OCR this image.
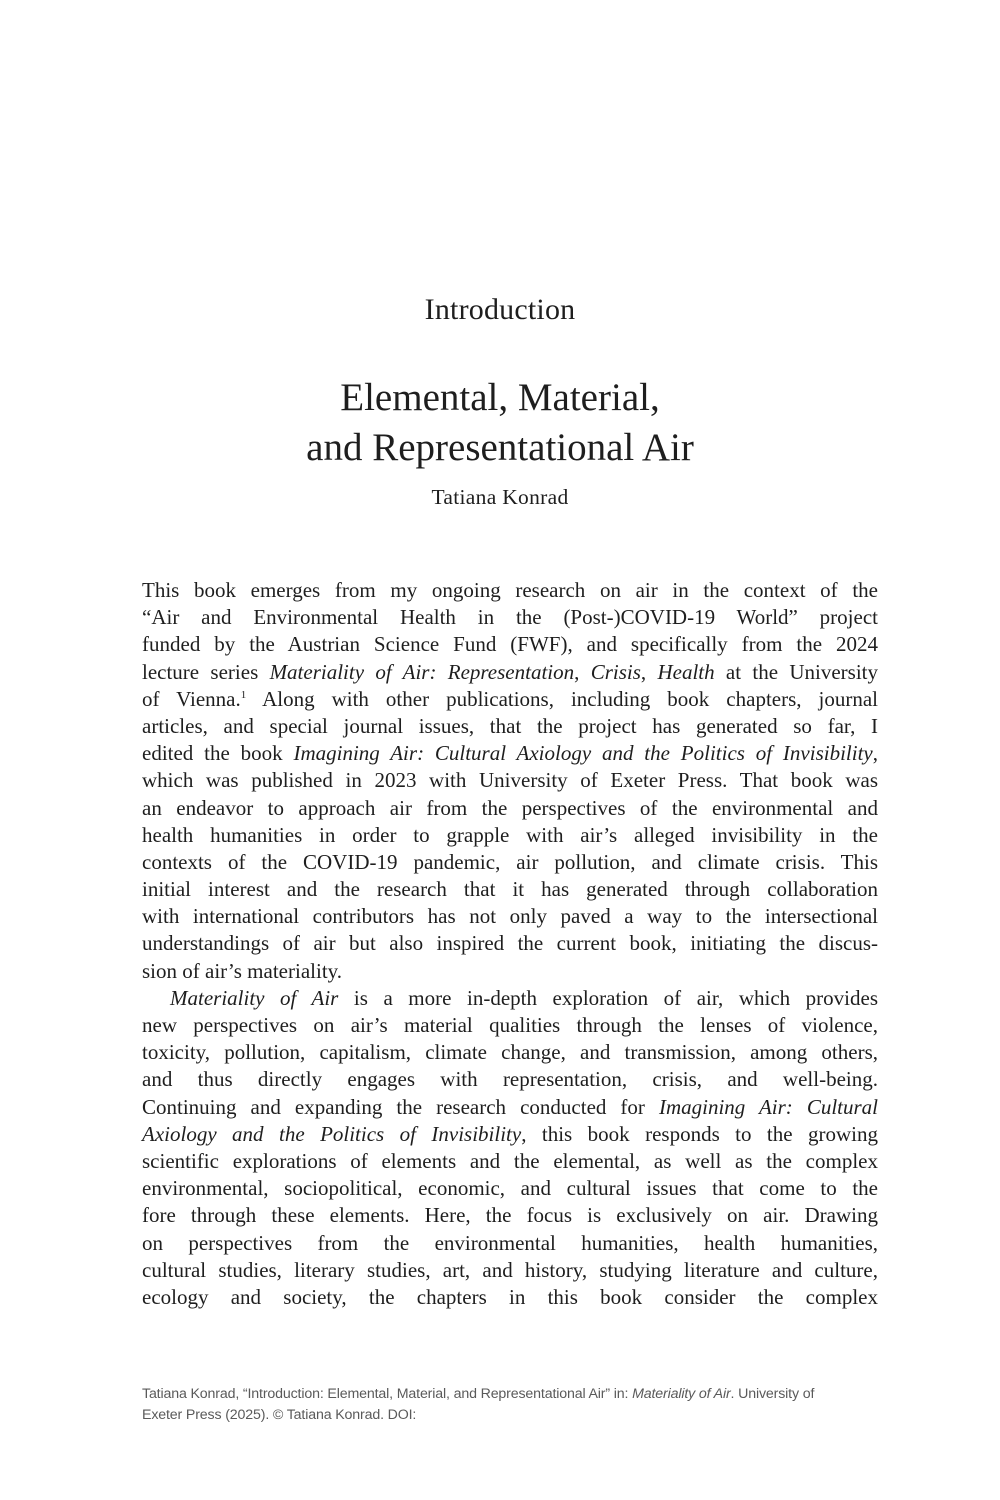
Introduction
Elemental, Material,
and Representational Air
Tatiana Konrad
This book emerges from my ongoing research on air in the context of the
“Air and Environmental Health in the (Post-)COVID-19 World” project
funded by the Austrian Science Fund (FWF), and specifically from the 2024
lecture series Materiality of Air: Representation, Crisis, Health at the University
of Vienna.$^1$ Along with other publications, including book chapters, journal
articles, and special journal issues, that the project has generated so far, I
edited the book Imagining Air: Cultural Axiology and the Politics of Invisibility,
which was published in 2023 with University of Exeter Press. That book was
an endeavor to approach air from the perspectives of the environmental and
health humanities in order to grapple with air’s alleged invisibility in the
contexts of the COVID-19 pandemic, air pollution, and climate crisis. This
initial interest and the research that it has generated through collaboration
with international contributors has not only paved a way to the intersectional
understandings of air but also inspired the current book, initiating the discus-
sion of air’s materiality.
Materiality of Air is a more in-depth exploration of air, which provides
new perspectives on air’s material qualities through the lenses of violence,
toxicity, pollution, capitalism, climate change, and transmission, among others,
and thus directly engages with representation, crisis, and well-being.
Continuing and expanding the research conducted for Imagining Air: Cultural
Axiology and the Politics of Invisibility, this book responds to the growing
scientific explorations of elements and the elemental, as well as the complex
environmental, sociopolitical, economic, and cultural issues that come to the
fore through these elements. Here, the focus is exclusively on air. Drawing
on perspectives from the environmental humanities, health humanities,
cultural studies, literary studies, art, and history, studying literature and culture,
ecology and society, the chapters in this book consider the complex
Tatiana Konrad, “Introduction: Elemental, Material, and Representational Air” in: Materiality of Air. University of
Exeter Press (2025). © Tatiana Konrad. DOI:
